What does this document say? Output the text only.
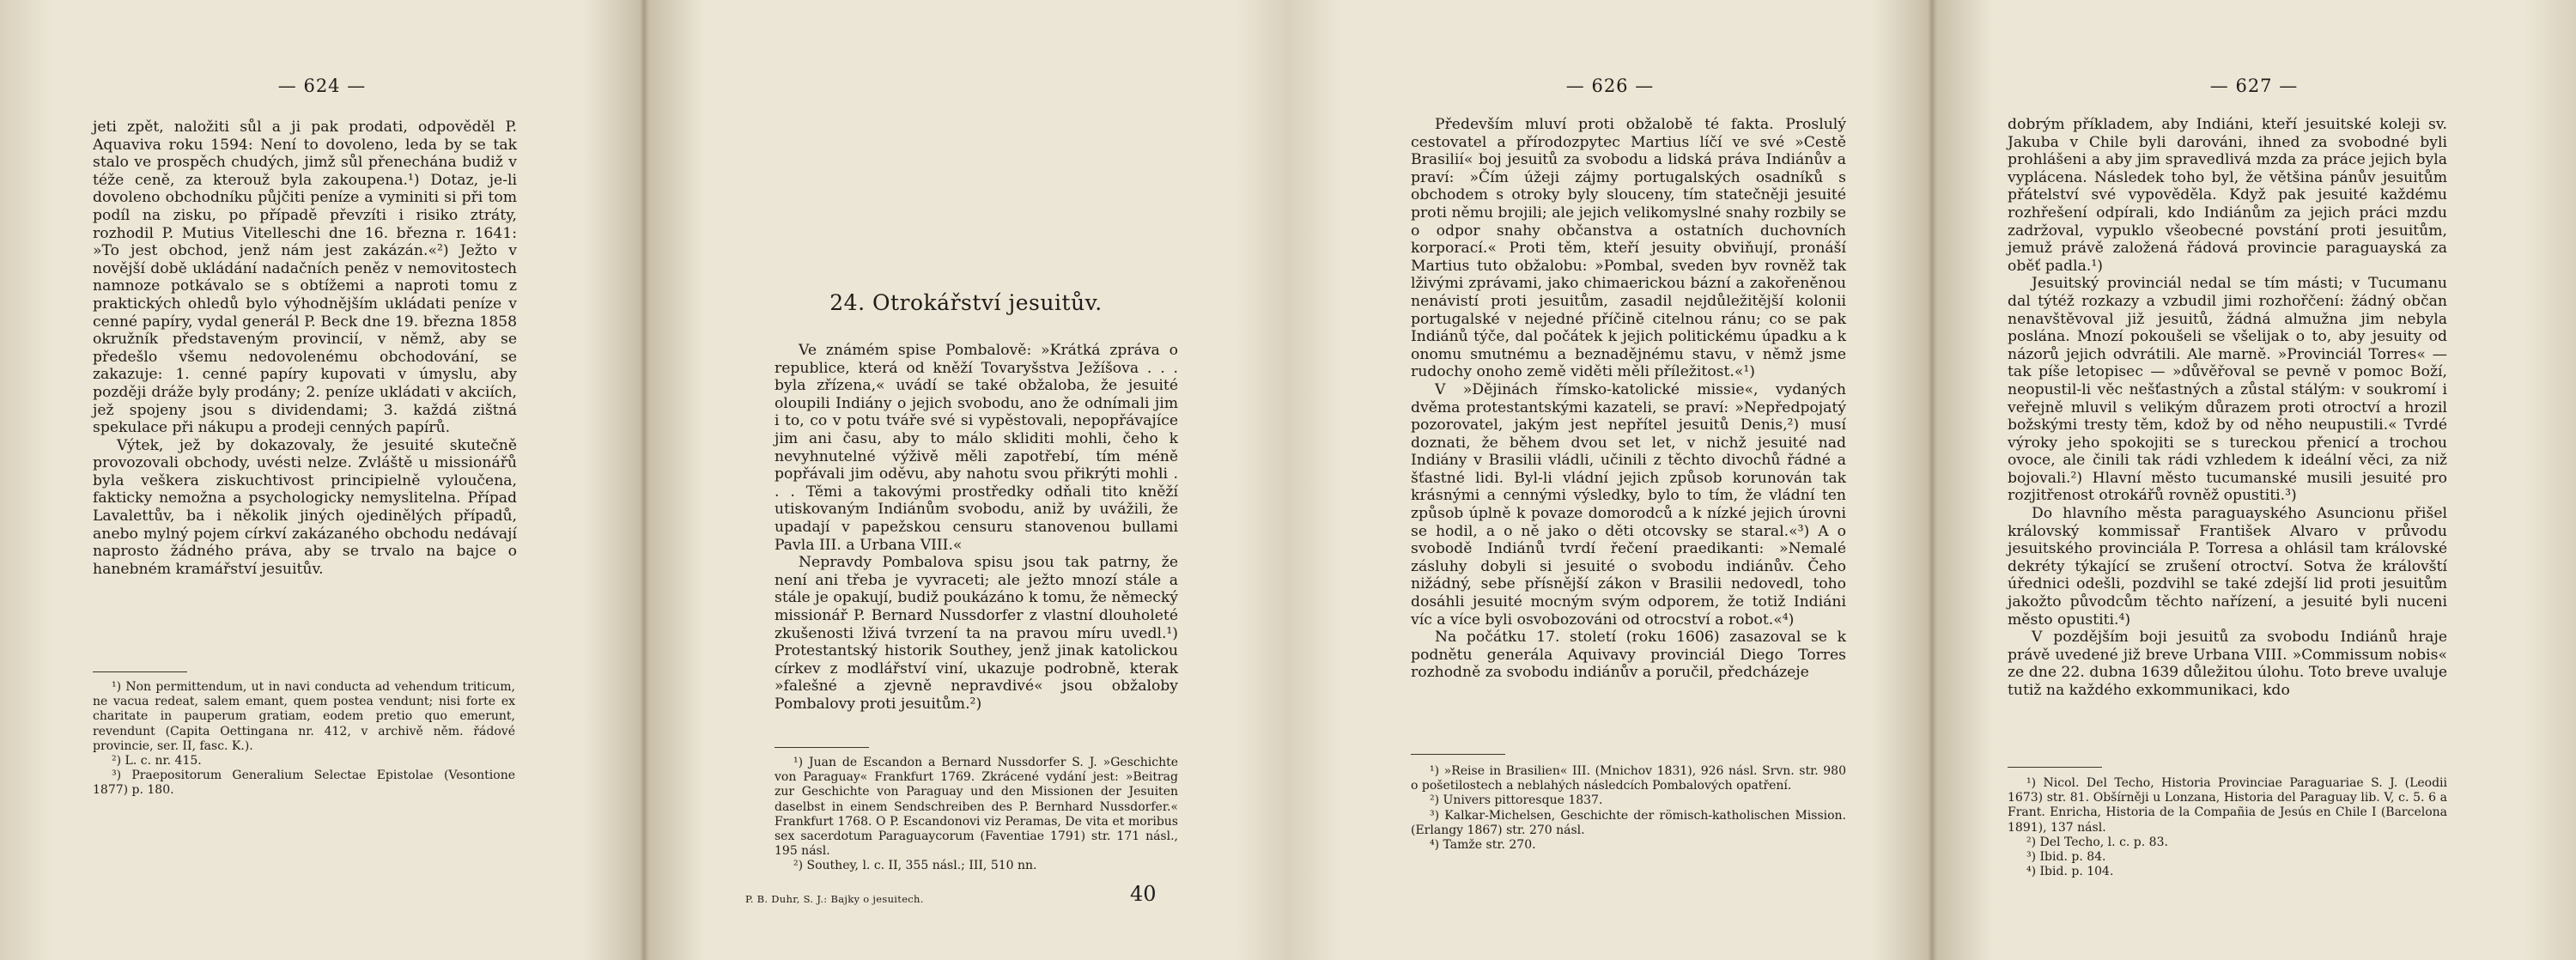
— 624 —

jeti zpět, naložiti sůl a ji pak prodati, odpověděl P. Aquaviva roku 1594: Není to dovoleno, leda by se tak stalo ve prospěch chudých, jimž sůl přenechána budiž v téže ceně, za kterouž byla zakoupena.¹) Dotaz, je-li dovoleno obchodníku půjčiti peníze a vyminiti si při tom podíl na zisku, po případě převzíti i risiko ztráty, rozhodil P. Mutius Vitelleschi dne 16. března r. 1641: »To jest obchod, jenž nám jest zakázán.«²) Ježto v novější době ukládání nadačních peněz v nemovitostech namnoze potkávalo se s obtížemi a naproti tomu z praktických ohledů bylo výhodnějším ukládati peníze v cenné papíry, vydal generál P. Beck dne 19. března 1858 okružník představeným provincií, v němž, aby se předešlo všemu nedovolenému obchodování, se zakazuje: 1. cenné papíry kupovati v úmyslu, aby později dráže byly prodány; 2. peníze ukládati v akciích, jež spojeny jsou s dividendami; 3. každá zištná spekulace při nákupu a prodeji cenných papírů.

Výtek, jež by dokazovaly, že jesuité skutečně provozovali obchody, uvésti nelze. Zvláště u missionářů byla veškera ziskuchtivost principielně vyloučena, fakticky nemožna a psychologicky nemyslitelna. Případ Lavalettův, ba i několik jiných ojedinělých případů, anebo mylný pojem církví zakázaného obchodu nedávají naprosto žádného práva, aby se trvalo na bajce o hanebném kramářství jesuitův.

¹) Non permittendum, ut in navi conducta ad vehendum triticum, ne vacua redeat, salem emant, quem postea vendunt; nisi forte ex charitate in pauperum gratiam, eodem pretio quo emerunt, revendunt (Capita Oettingana nr. 412, v archivě něm. řádové provincie, ser. II, fasc. K.).

²) L. c. nr. 415.

³) Praepositorum Generalium Selectae Epistolae (Vesontione 1877) p. 180.

24. Otrokářství jesuitův.

Ve známém spise Pombalově: »Krátká zpráva o republice, která od kněží Tovaryšstva Ježíšova . . . byla zřízena,« uvádí se také obžaloba, že jesuité oloupili Indiány o jejich svobodu, ano že odnímali jim i to, co v potu tváře své si vypěstovali, nepopřávajíce jim ani času, aby to málo skliditi mohli, čeho k nevyhnutelné výživě měli zapotřebí, tím méně popřávali jim oděvu, aby nahotu svou přikrýti mohli . . . Těmi a takovými prostředky odňali tito kněží utiskovaným Indiánům svobodu, aniž by uvážili, že upadají v papežskou censuru stanovenou bullami Pavla III. a Urbana VIII.«

Nepravdy Pombalova spisu jsou tak patrny, že není ani třeba je vyvraceti; ale ježto mnozí stále a stále je opakují, budiž poukázáno k tomu, že německý missionář P. Bernard Nussdorfer z vlastní dlouholeté zkušenosti lživá tvrzení ta na pravou míru uvedl.¹) Protestantský historik Southey, jenž jinak katolickou církev z modlářství viní, ukazuje podrobně, kterak »falešné a zjevně nepravdivé« jsou obžaloby Pombalovy proti jesuitům.²)

¹) Juan de Escandon a Bernard Nussdorfer S. J. »Geschichte von Paraguay« Frankfurt 1769. Zkrácené vydání jest: »Beitrag zur Geschichte von Paraguay und den Missionen der Jesuiten daselbst in einem Sendschreiben des P. Bernhard Nussdorfer.« Frankfurt 1768. O P. Escandonovi viz Peramas, De vita et moribus sex sacerdotum Paraguaycorum (Faventiae 1791) str. 171 násl., 195 násl.

²) Southey, l. c. II, 355 násl.; III, 510 nn.

P. B. Duhr, S. J.: Bajky o jesuitech.	40
— 626 —

Především mluví proti obžalobě té fakta. Proslulý cestovatel a přírodozpytec Martius líčí ve své »Cestě Brasilií« boj jesuitů za svobodu a lidská práva Indiánův a praví: »Čím úžeji zájmy portugalských osadníků s obchodem s otroky byly slouceny, tím statečněji jesuité proti němu brojili; ale jejich velikomyslné snahy rozbily se o odpor snahy občanstva a ostatních duchovních korporací.« Proti těm, kteří jesuity obviňují, pronáší Martius tuto obžalobu: »Pombal, sveden byv rovněž tak lživými zprávami, jako chimaerickou bázní a zakořeněnou nenávistí proti jesuitům, zasadil nejdůležitější kolonii portugalské v nejedné příčině citelnou ránu; co se pak Indiánů týče, dal počátek k jejich politickému úpadku a k onomu smutnému a beznadějnému stavu, v němž jsme rudochy onoho země viděti měli příležitost.«¹)

V »Dějinách římsko-katolické missie«, vydaných dvěma protestantskými kazateli, se praví: »Nepředpojatý pozorovatel, jakým jest nepřítel jesuitů Denis,²) musí doznati, že během dvou set let, v nichž jesuité nad Indiány v Brasilii vládli, učinili z těchto divochů řádné a šťastné lidi. Byl-li vládní jejich způsob korunován tak krásnými a cennými výsledky, bylo to tím, že vládní ten způsob úplně k povaze domorodců a k nízké jejich úrovni se hodil, a o ně jako o děti otcovsky se staral.«³) A o svobodě Indiánů tvrdí řečení praedikanti: »Nemalé zásluhy dobyli si jesuité o svobodu indiánův. Čeho nižádný, sebe přísnější zákon v Brasilii nedovedl, toho dosáhli jesuité mocným svým odporem, že totiž Indiáni víc a více byli osvobozováni od otrocství a robot.«⁴)

Na počátku 17. století (roku 1606) zasazoval se k podnětu generála Aquivavy provinciál Diego Torres rozhodně za svobodu indiánův a poručil, předcházeje

¹) »Reise in Brasilien« III. (Mnichov 1831), 926 násl. Srvn. str. 980 o pošetilostech a neblahých následcích Pombalových opatření.

²) Univers pittoresque 1837.

³) Kalkar-Michelsen, Geschichte der römisch-katholischen Mission. (Erlangy 1867) str. 270 násl.

⁴) Tamže str. 270.

— 627 —

dobrým příkladem, aby Indiáni, kteří jesuitské koleji sv. Jakuba v Chile byli darováni, ihned za svobodné byli prohlášeni a aby jim spravedlivá mzda za práce jejich byla vyplácena. Následek toho byl, že většina pánův jesuitům přátelství své vypověděla. Když pak jesuité každému rozhřešení odpírali, kdo Indiánům za jejich práci mzdu zadržoval, vypuklo všeobecné povstání proti jesuitům, jemuž právě založená řádová provincie paraguayská za oběť padla.¹)

Jesuitský provinciál nedal se tím másti; v Tucumanu dal týtéž rozkazy a vzbudil jimi rozhořčení: žádný občan nenavštěvoval již jesuitů, žádná almužna jim nebyla poslána. Mnozí pokoušeli se všelijak o to, aby jesuity od názorů jejich odvrátili. Ale marně. »Provinciál Torres« — tak píše letopisec — »důvěřoval se pevně v pomoc Boží, neopustil-li věc nešťastných a zůstal stálým: v soukromí i veřejně mluvil s velikým důrazem proti otroctví a hrozil božskými tresty těm, kdož by od něho neupustili.« Tvrdé výroky jeho spokojiti se s tureckou přenicí a trochou ovoce, ale činili tak rádi vzhledem k ideální věci, za niž bojovali.²) Hlavní město tucumanské musili jesuité pro rozjitřenost otrokářů rovněž opustiti.³)

Do hlavního města paraguayského Asuncionu přišel královský kommissař František Alvaro v průvodu jesuitského provinciála P. Torresa a ohlásil tam královské dekréty týkající se zrušení otroctví. Sotva že královští úřednici odešli, pozdvihl se také zdejší lid proti jesuitům jakožto původcům těchto nařízení, a jesuité byli nuceni město opustiti.⁴)

V pozdějším boji jesuitů za svobodu Indiánů hraje právě uvedené již breve Urbana VIII. »Commissum nobis« ze dne 22. dubna 1639 důležitou úlohu. Toto breve uvaluje tutiž na každého exkommunikaci, kdo

¹) Nicol. Del Techo, Historia Provinciae Paraguariae S. J. (Leodii 1673) str. 81. Obšírněji u Lonzana, Historia del Paraguay lib. V, c. 5. 6 a Frant. Enricha, Historia de la Compañia de Jesús en Chile I (Barcelona 1891), 137 násl.

²) Del Techo, l. c. p. 83.

³) Ibid. p. 84.

⁴) Ibid. p. 104.
